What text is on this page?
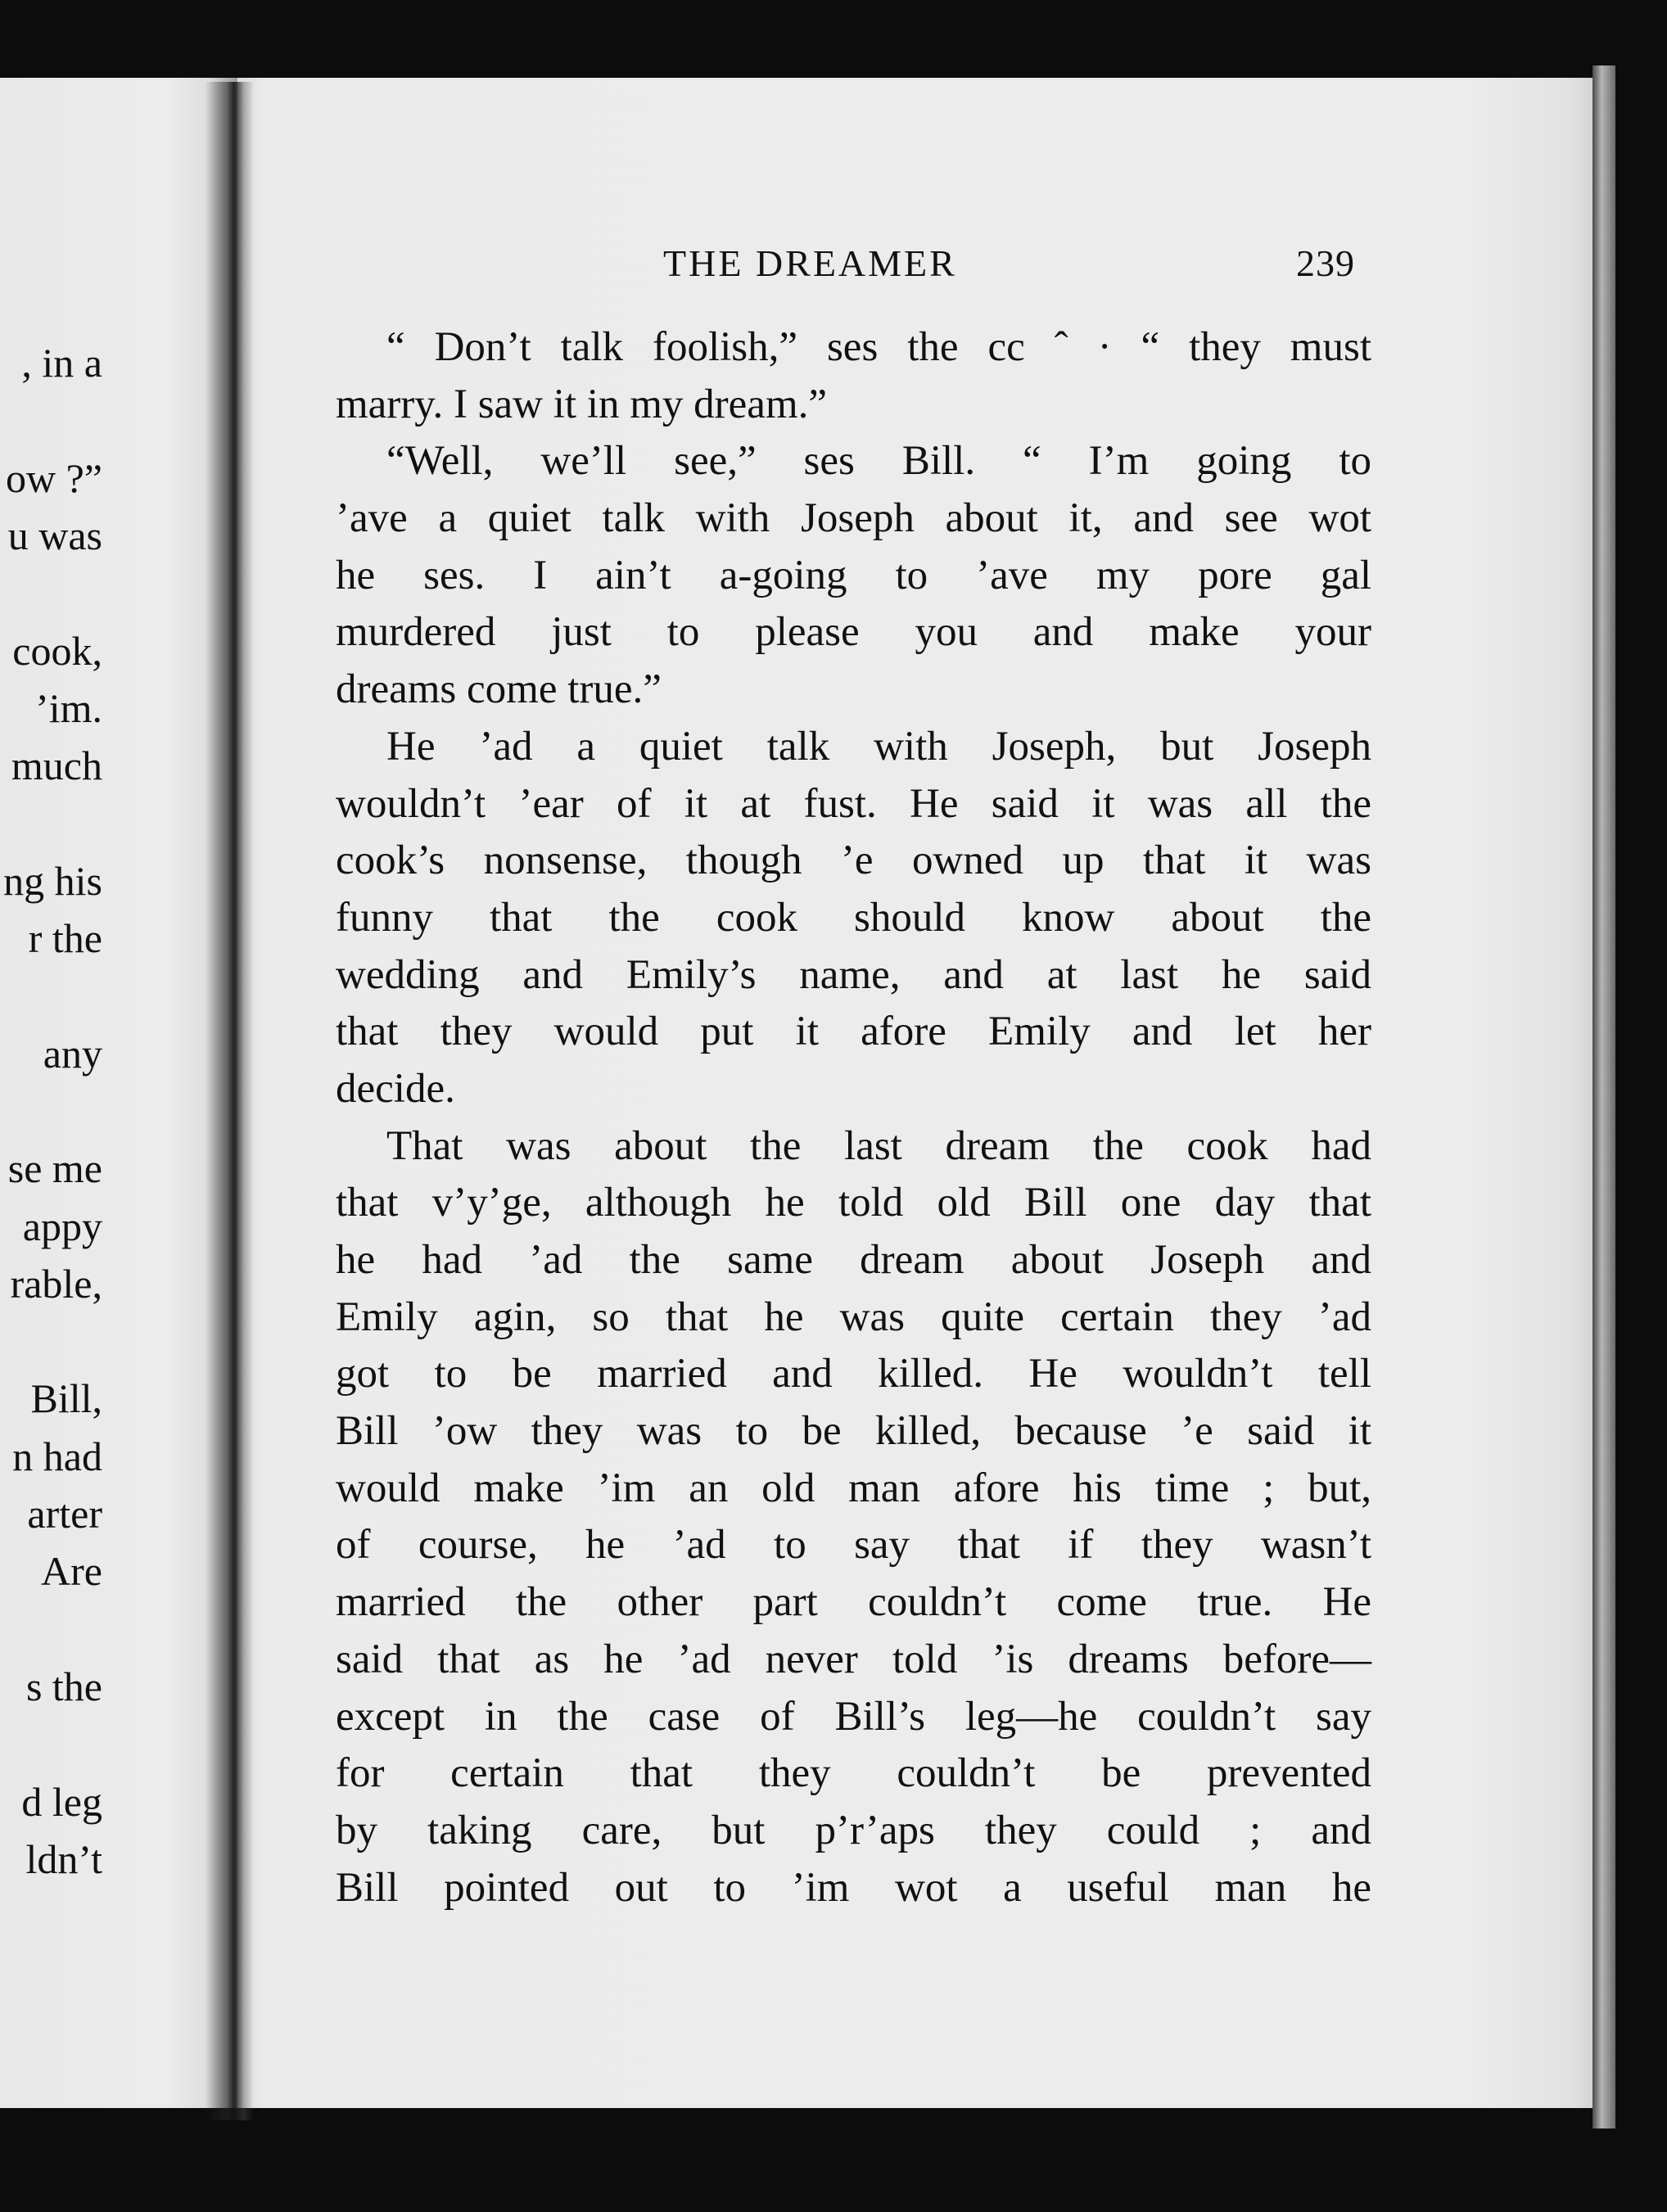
, in a
ow ?”
u was
cook,
’im.
much
ng his
r the
any
se me
appy
rable,
Bill,
n had
arter
Are
s the
d leg
ldn’t
THE DREAMER	239
“ Don’t talk foolish,” ses the cc ˆ · “ they must
marry. I saw it in my dream.”
“Well, we’ll see,” ses Bill. “ I’m going to
’ave a quiet talk with Joseph about it, and see wot
he ses. I ain’t a-going to ’ave my pore gal
murdered just to please you and make your
dreams come true.”
He ’ad a quiet talk with Joseph, but Joseph
wouldn’t ’ear of it at fust. He said it was all the
cook’s nonsense, though ’e owned up that it was
funny that the cook should know about the
wedding and Emily’s name, and at last he said
that they would put it afore Emily and let her
decide.
That was about the last dream the cook had
that v’y’ge, although he told old Bill one day that
he had ’ad the same dream about Joseph and
Emily agin, so that he was quite certain they ’ad
got to be married and killed. He wouldn’t tell
Bill ’ow they was to be killed, because ’e said it
would make ’im an old man afore his time ; but,
of course, he ’ad to say that if they wasn’t
married the other part couldn’t come true. He
said that as he ’ad never told ’is dreams before—
except in the case of Bill’s leg—he couldn’t say
for certain that they couldn’t be prevented
by taking care, but p’r’aps they could ; and
Bill pointed out to ’im wot a useful man he
